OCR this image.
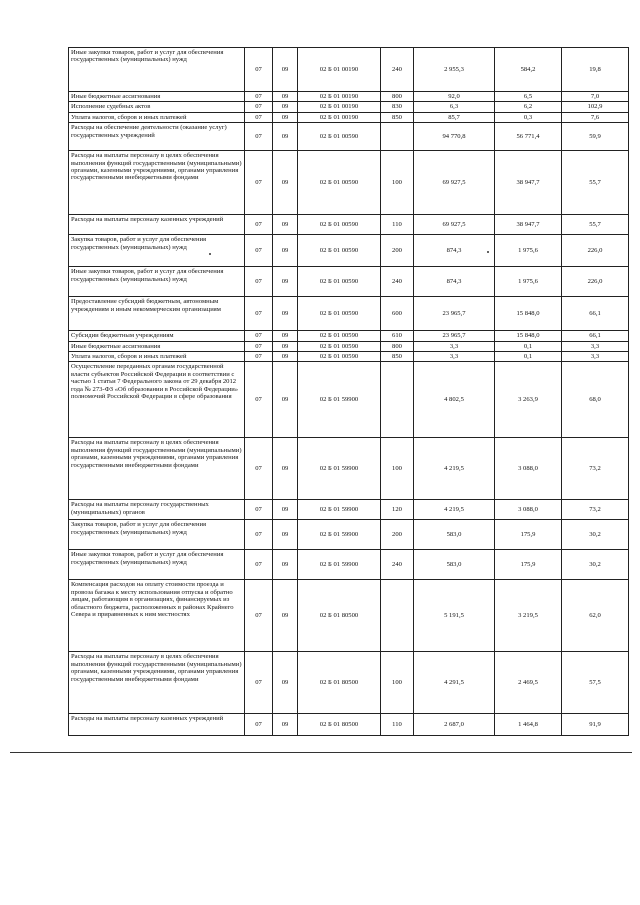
Иные закупки товаров, работ и услуг для обеспечения государственных (муниципальных) нужд	07	09	02 Б 01 00190	240	2 955,3	584,2	19,8
Иные бюджетные ассигнования	07	09	02 Б 01 00190	800	92,0	6,5	7,0
Исполнение судебных актов	07	09	02 Б 01 00190	830	6,3	6,2	102,9
Уплата налогов, сборов и иных платежей	07	09	02 Б 01 00190	850	85,7	0,3	7,6
Расходы на обеспечение деятельности (оказание услуг) государственных учреждений	07	09	02 Б 01 00590		94 770,8	56 771,4	59,9
Расходы на выплаты персоналу в целях обеспечения выполнения функций государственными (муниципальными) органами, казенными учреждениями, органами управления государственными внебюджетными фондами	07	09	02 Б 01 00590	100	69 927,5	38 947,7	55,7
Расходы на выплаты персоналу казенных учреждений	07	09	02 Б 01 00590	110	69 927,5	38 947,7	55,7
Закупка товаров, работ и услуг для обеспечения государственных (муниципальных) нужд	07	09	02 Б 01 00590	200	874,3	1 975,6	226,0
Иные закупки товаров, работ и услуг для обеспечения государственных (муниципальных) нужд	07	09	02 Б 01 00590	240	874,3	1 975,6	226,0
Предоставление субсидий бюджетным, автономным учреждениям и иным некоммерческим организациям	07	09	02 Б 01 00590	600	23 965,7	15 848,0	66,1
Субсидии бюджетным учреждениям	07	09	02 Б 01 00590	610	23 965,7	15 848,0	66,1
Иные бюджетные ассигнования	07	09	02 Б 01 00590	800	3,3	0,1	3,3
Уплата налогов, сборов и иных платежей	07	09	02 Б 01 00590	850	3,3	0,1	3,3
Осуществление переданных органам государственной власти субъектов Российской Федерации в соответствии с частью 1 статьи 7 Федерального закона от 29 декабря 2012 года № 273-ФЗ «Об образовании в Российской Федерации» полномочий Российской Федерации в сфере образования	07	09	02 Б 01 59900		4 802,5	3 263,9	68,0
Расходы на выплаты персоналу в целях обеспечения выполнения функций государственными (муниципальными) органами, казенными учреждениями, органами управления государственными внебюджетными фондами	07	09	02 Б 01 59900	100	4 219,5	3 088,0	73,2
Расходы на выплаты персоналу государственных (муниципальных) органов	07	09	02 Б 01 59900	120	4 219,5	3 088,0	73,2
Закупка товаров, работ и услуг для обеспечения государственных (муниципальных) нужд	07	09	02 Б 01 59900	200	583,0	175,9	30,2
Иные закупки товаров, работ и услуг для обеспечения государственных (муниципальных) нужд	07	09	02 Б 01 59900	240	583,0	175,9	30,2
Компенсация расходов на оплату стоимости проезда и провоза багажа к месту использования отпуска и обратно лицам, работающим в организациях, финансируемых из областного бюджета, расположенных в районах Крайнего Севера и приравненных к ним местностях	07	09	02 Б 01 80500		5 191,5	3 219,5	62,0
Расходы на выплаты персоналу в целях обеспечения выполнения функций государственными (муниципальными) органами, казенными учреждениями, органами управления государственными внебюджетными фондами	07	09	02 Б 01 80500	100	4 291,5	2 469,5	57,5
Расходы на выплаты персоналу казенных учреждений	07	09	02 Б 01 80500	110	2 687,0	1 464,8	91,9
